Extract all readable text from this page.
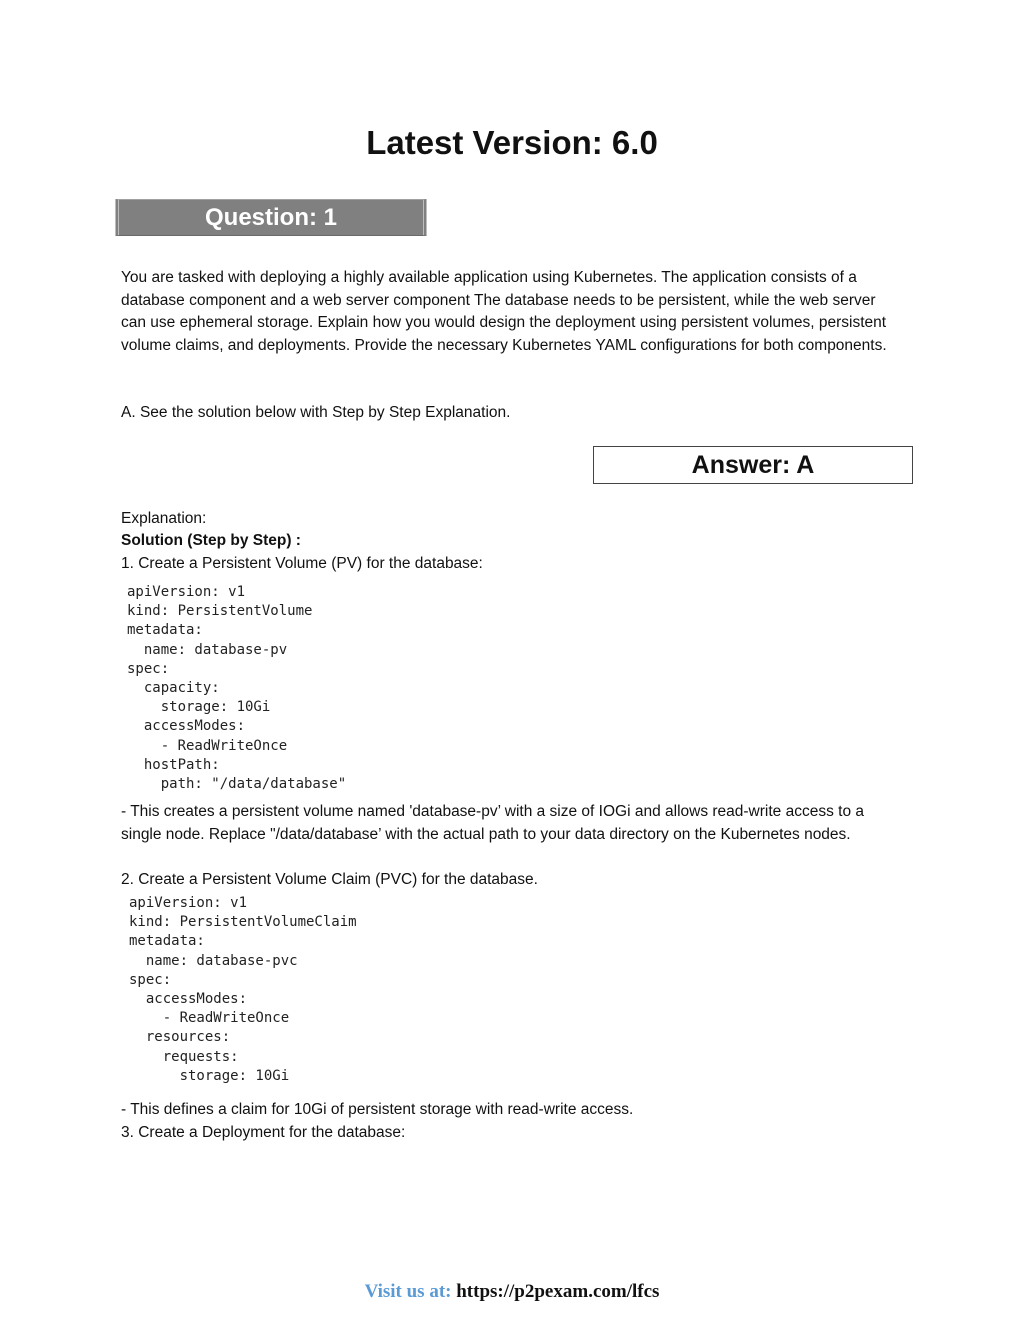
Latest Version: 6.0
Question: 1
You are tasked with deploying a highly available application using Kubernetes. The application consists of a database component and a web server component The database needs to be persistent, while the web server can use ephemeral storage. Explain how you would design the deployment using persistent volumes, persistent volume claims, and deployments. Provide the necessary Kubernetes YAML configurations for both components.
A. See the solution below with Step by Step Explanation.
Answer: A
Explanation:
Solution (Step by Step) :
1. Create a Persistent Volume (PV) for the database:
apiVersion: v1
kind: PersistentVolume
metadata:
name: database-pv
spec:
capacity:
storage: 10Gi
accessModes:
- ReadWriteOnce
hostPath:
path: "/data/database"
- This creates a persistent volume named 'database-pv’ with a size of IOGi and allows read-write access to a single node. Replace "/data/database’ with the actual path to your data directory on the Kubernetes nodes.
2. Create a Persistent Volume Claim (PVC) for the database.
apiVersion: v1
kind: PersistentVolumeClaim
metadata:
name: database-pvc
spec:
accessModes:
- ReadWriteOnce
resources:
requests:
storage: 10Gi
- This defines a claim for 10Gi of persistent storage with read-write access.
3. Create a Deployment for the database:
Visit us at: https://p2pexam.com/lfcs
